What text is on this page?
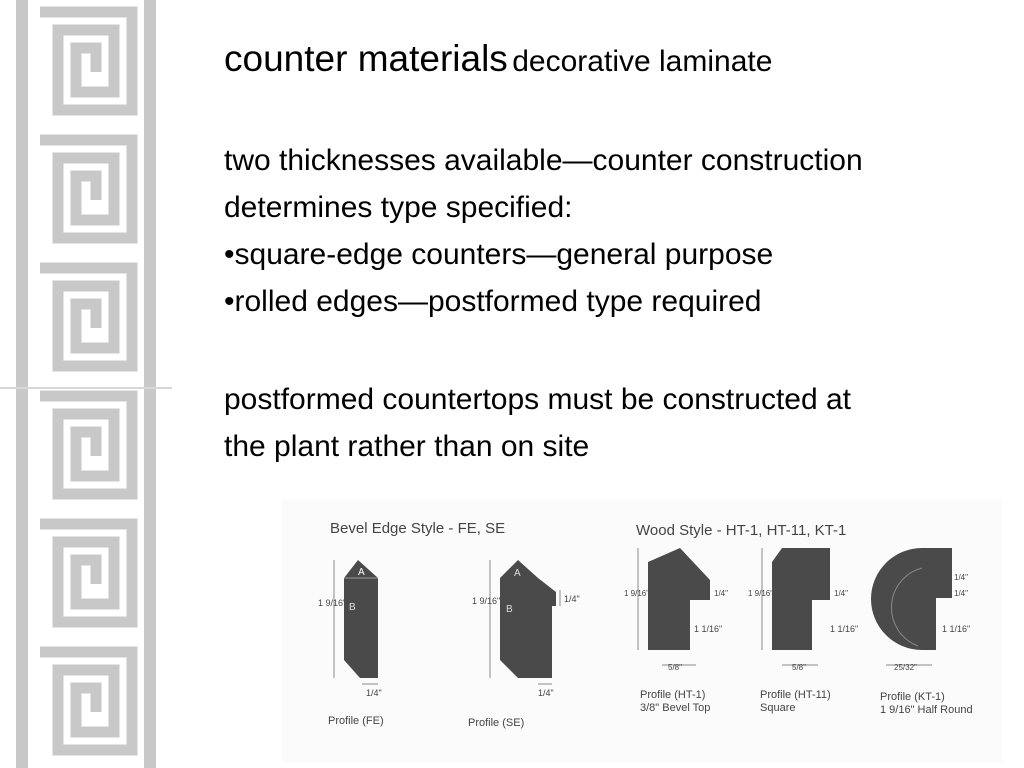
counter materials decorative laminate
two thicknesses available—counter construction
determines type specified:
•square-edge counters—general purpose
•rolled edges—postformed type required
postformed countertops must be constructed at
the plant rather than on site
Bevel Edge Style - FE, SE	Wood Style - HT-1, HT-11, KT-1
A
B
1 9/16"
1/4"
Profile (FE)
A
B
1 9/16"	1/4"
1/4"
Profile (SE)
1 9/16"	1/4"
1 1/16"
5/8"
Profile (HT-1)
3/8" Bevel Top
1 9/16"	1/4"
1 1/16"
5/8"
Profile (HT-11)
Square
1/4"
1/4"
1 1/16"
25/32"
Profile (KT-1)
1 9/16" Half Round
